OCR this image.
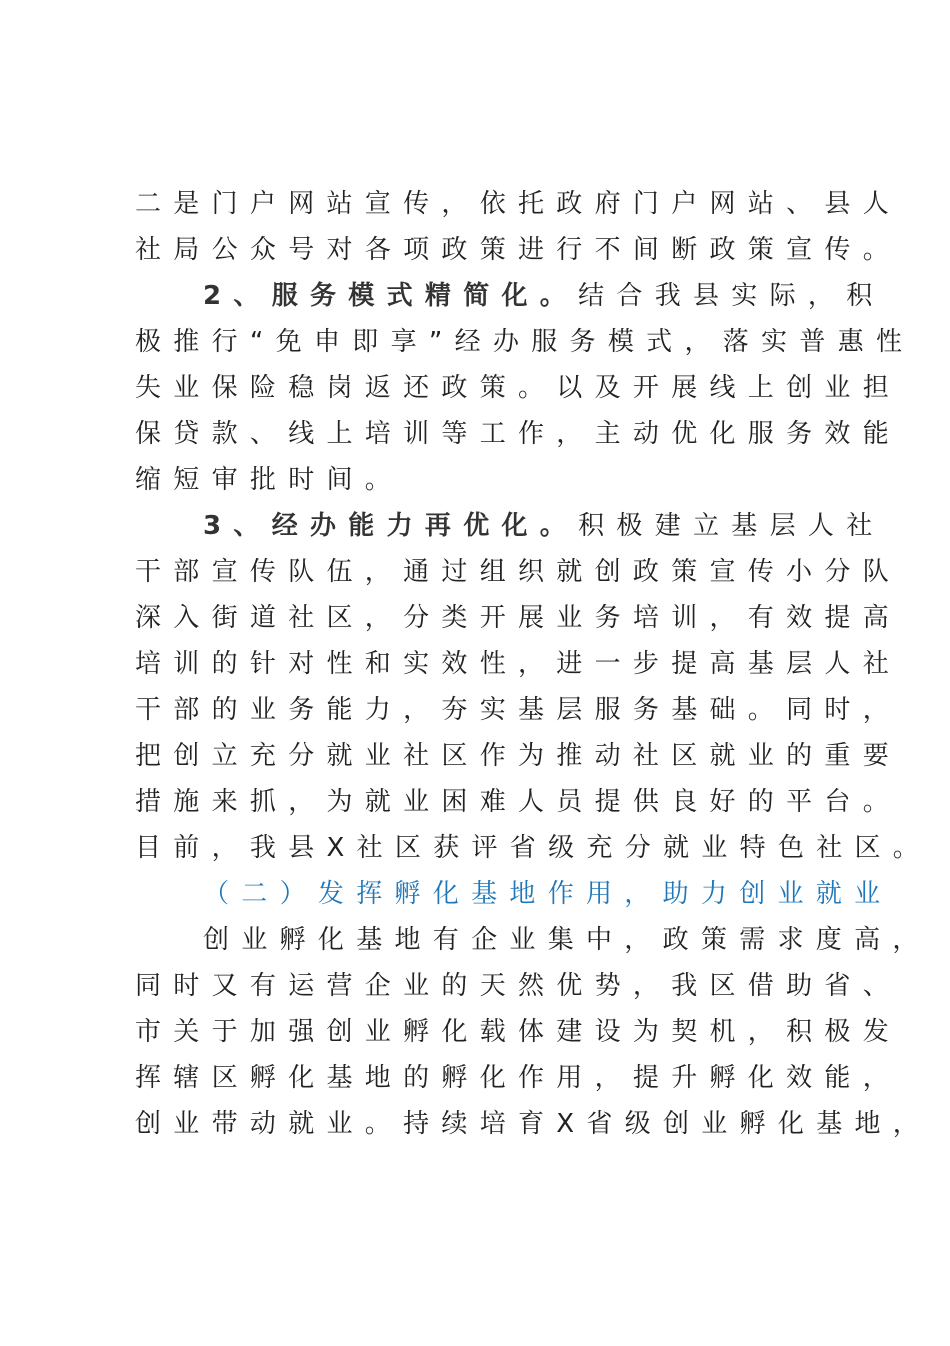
二是门户网站宣传，依托政府门户网站、县人
社局公众号对各项政策进行不间断政策宣传。
2、服务模式精简化。结合我县实际，积
极推行“免申即享”经办服务模式，落实普惠性
失业保险稳岗返还政策。以及开展线上创业担
保贷款、线上培训等工作，主动优化服务效能
缩短审批时间。
3、经办能力再优化。积极建立基层人社
干部宣传队伍，通过组织就创政策宣传小分队
深入街道社区，分类开展业务培训，有效提高
培训的针对性和实效性，进一步提高基层人社
干部的业务能力，夯实基层服务基础。同时，
把创立充分就业社区作为推动社区就业的重要
措施来抓，为就业困难人员提供良好的平台。
目前，我县X社区获评省级充分就业特色社区。
（二）发挥孵化基地作用，助力创业就业
创业孵化基地有企业集中，政策需求度高，
同时又有运营企业的天然优势，我区借助省、
市关于加强创业孵化载体建设为契机，积极发
挥辖区孵化基地的孵化作用，提升孵化效能，
创业带动就业。持续培育X省级创业孵化基地，
